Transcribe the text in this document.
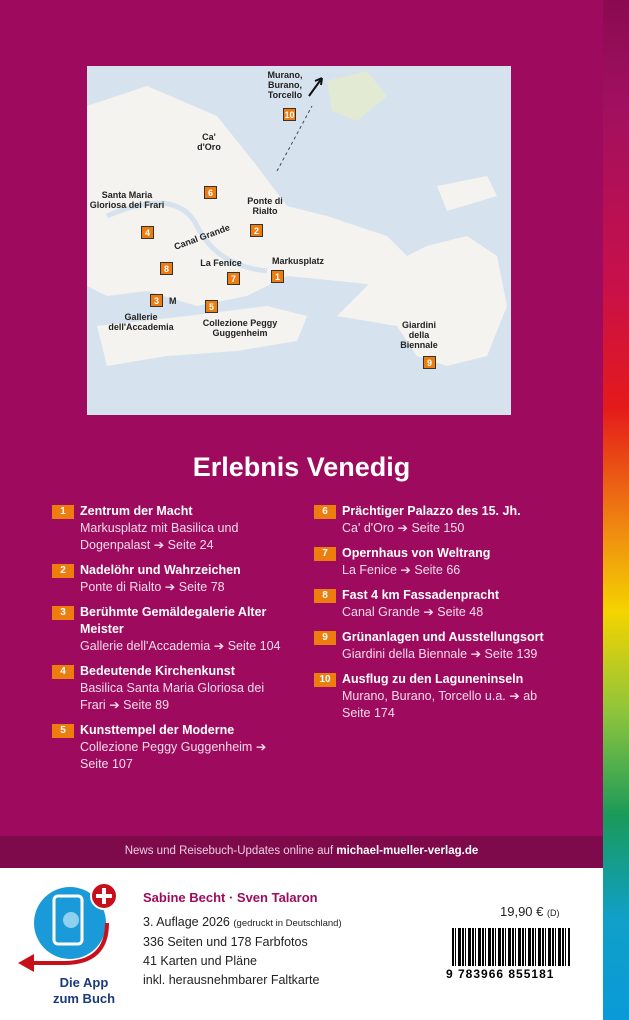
Murano, Burano, Torcello
10
Ca' d'Oro
6
Santa Maria Gloriosa dei Frari
4
Ponte di Rialto
2
Canal Grande
8
La Fenice
7
Markusplatz
1
3
5
M
Gallerie dell'Accademia	Collezione Peggy Guggenheim
Giardini della Biennale
9
Erlebnis Venedig
1	Zentrum der Macht
Markusplatz mit Basilica und Dogenpalast ➔ Seite 24
2	Nadelöhr und Wahrzeichen
Ponte di Rialto ➔ Seite 78
3	Berühmte Gemäldegalerie Alter Meister
Gallerie dell'Accademia ➔ Seite 104
4	Bedeutende Kirchenkunst
Basilica Santa Maria Gloriosa dei Frari ➔ Seite 89
5	Kunsttempel der Moderne
Collezione Peggy Guggenheim ➔ Seite 107
6	Prächtiger Palazzo des 15. Jh.
Ca' d'Oro ➔ Seite 150
7	Opernhaus von Weltrang
La Fenice ➔ Seite 66
8	Fast 4 km Fassadenpracht
Canal Grande ➔ Seite 48
9	Grünanlagen und Ausstellungsort
Giardini della Biennale ➔ Seite 139
10 Ausflug zu den Laguneninseln
Murano, Burano, Torcello u.a. ➔ ab Seite 174
News und Reisebuch-Updates online auf michael-mueller-verlag.de
Die App
zum Buch
Sabine Becht · Sven Talaron
3. Auflage 2026 (gedruckt in Deutschland)
336 Seiten und 178 Farbfotos
41 Karten und Pläne
inkl. herausnehmbarer Faltkarte
19,90 € (D)
9 783966 855181
